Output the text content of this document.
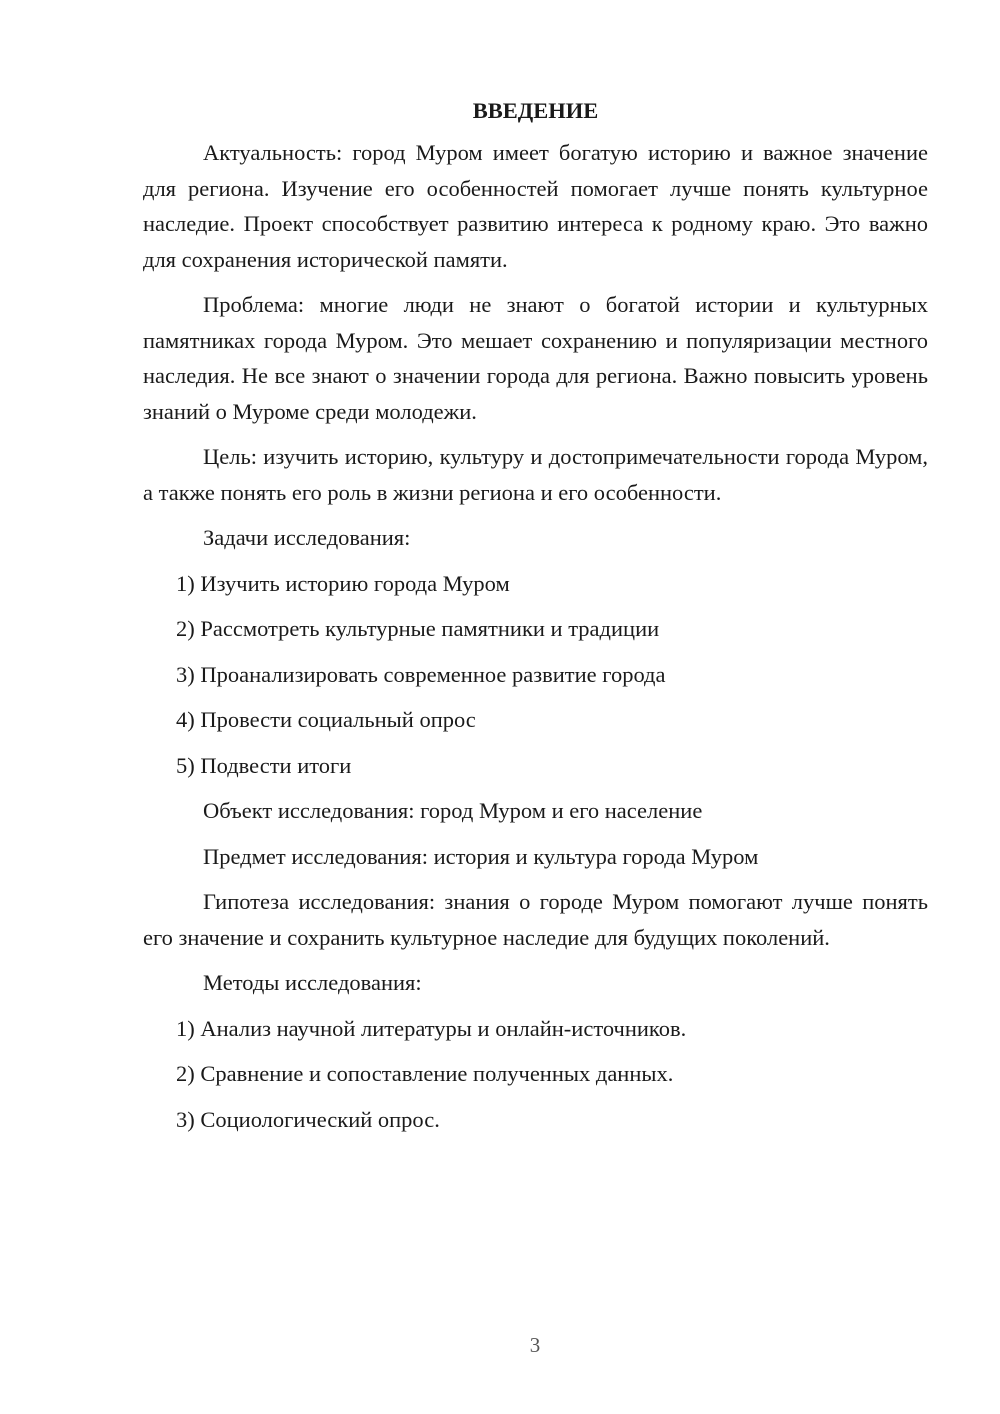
ВВЕДЕНИЕ

Актуальность: город Муром имеет богатую историю и важное значение для региона. Изучение его особенностей помогает лучше понять культурное наследие. Проект способствует развитию интереса к родному краю. Это важно для сохранения исторической памяти.

Проблема: многие люди не знают о богатой истории и культурных памятниках города Муром. Это мешает сохранению и популяризации местного наследия. Не все знают о значении города для региона. Важно повысить уровень знаний о Муроме среди молодежи.

Цель: изучить историю, культуру и достопримечательности города Муром, а также понять его роль в жизни региона и его особенности.

Задачи исследования:
1) Изучить историю города Муром
2) Рассмотреть культурные памятники и традиции
3) Проанализировать современное развитие города
4) Провести социальный опрос
5) Подвести итоги
Объект исследования: город Муром и его население
Предмет исследования: история и культура города Муром

Гипотеза исследования: знания о городе Муром помогают лучше понять его значение и сохранить культурное наследие для будущих поколений.

Методы исследования:
1) Анализ научной литературы и онлайн-источников.
2) Сравнение и сопоставление полученных данных.
3) Социологический опрос.
3
